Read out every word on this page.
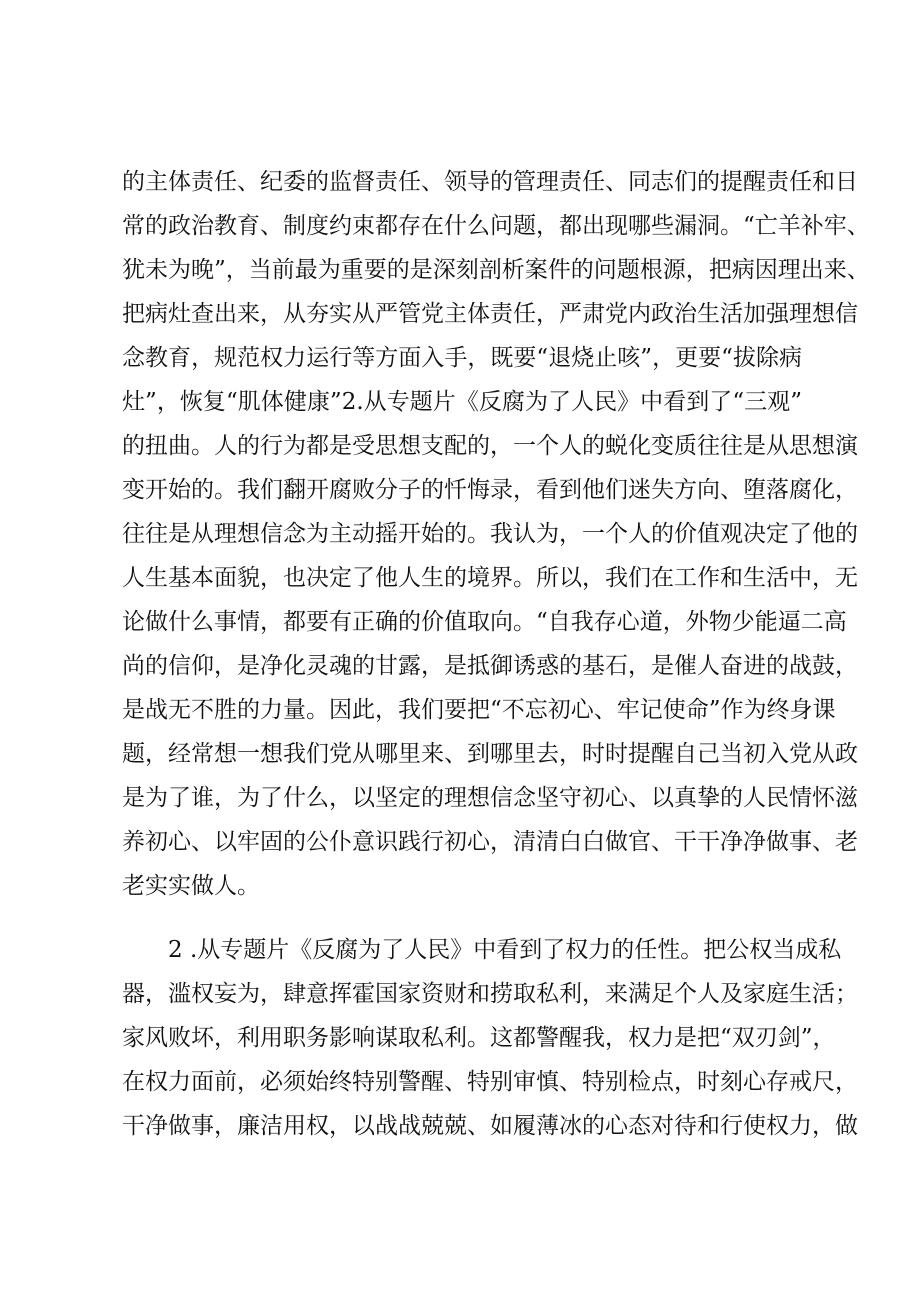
的主体责任、纪委的监督责任、领导的管理责任、同志们的提醒责任和日
常的政治教育、制度约束都存在什么问题，都出现哪些漏洞。“亡羊补牢、
犹未为晚”，当前最为重要的是深刻剖析案件的问题根源，把病因理出来、
把病灶查出来，从夯实从严管党主体责任，严肃党内政治生活加强理想信
念教育，规范权力运行等方面入手，既要“退烧止咳”，更要“拔除病
灶”，恢复“肌体健康”2.从专题片《反腐为了人民》中看到了“三观”
的扭曲。人的行为都是受思想支配的，一个人的蜕化变质往往是从思想演
变开始的。我们翻开腐败分子的忏悔录，看到他们迷失方向、堕落腐化，
往往是从理想信念为主动摇开始的。我认为，一个人的价值观决定了他的
人生基本面貌，也决定了他人生的境界。所以，我们在工作和生活中，无
论做什么事情，都要有正确的价值取向。“自我存心道，外物少能逼二高
尚的信仰，是净化灵魂的甘露，是抵御诱惑的基石，是催人奋进的战鼓，
是战无不胜的力量。因此，我们要把“不忘初心、牢记使命”作为终身课
题，经常想一想我们党从哪里来、到哪里去，时时提醒自己当初入党从政
是为了谁，为了什么，以坚定的理想信念坚守初心、以真挚的人民情怀滋
养初心、以牢固的公仆意识践行初心，清清白白做官、干干净净做事、老
老实实做人。
2 .从专题片《反腐为了人民》中看到了权力的任性。把公权当成私
器，滥权妄为，肆意挥霍国家资财和捞取私利，来满足个人及家庭生活；
家风败坏，利用职务影响谋取私利。这都警醒我，权力是把“双刃剑”，
在权力面前，必须始终特别警醒、特别审慎、特别检点，时刻心存戒尺，
干净做事，廉洁用权，以战战兢兢、如履薄冰的心态对待和行使权力，做
